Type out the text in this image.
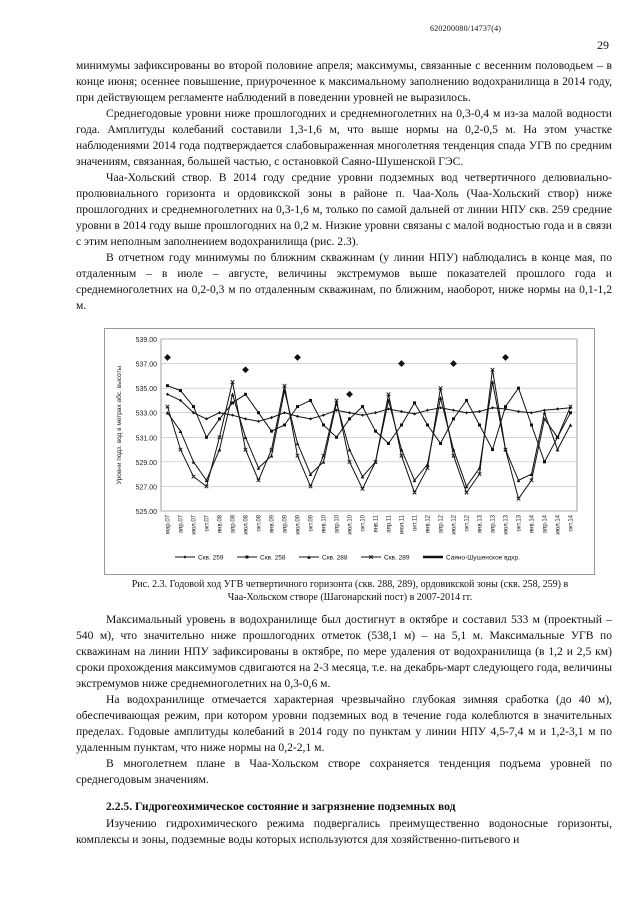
620200080/14737(4)
29

минимумы зафиксированы во второй половине апреля; максимумы, связанные с весенним половодьем – в конце июня; осеннее повышение, приуроченное к максимальному заполнению водохранилища в 2014 году, при действующем регламенте наблюдений в поведении уровней не выразилось.

Среднегодовые уровни ниже прошлогодних и среднемноголетних на 0,3-0,4 м из-за малой водности года. Амплитуды колебаний составили 1,3-1,6 м, что выше нормы на 0,2-0,5 м. На этом участке наблюдениями 2014 года подтверждается слабовыраженная многолетняя тенденция спада УГВ по средним значениям, связанная, большей частью, с остановкой Саяно-Шушенской ГЭС.

Чаа-Хольский створ. В 2014 году средние уровни подземных вод четвертичного делювиально-пролювиального горизонта и ордовикской зоны в районе п. Чаа-Холь (Чаа-Хольский створ) ниже прошлогодних и среднемноголетних на 0,3-1,6 м, только по самой дальней от линии НПУ скв. 259 средние уровни в 2014 году выше прошлогодних на 0,2 м. Низкие уровни связаны с малой водностью года и в связи с этим неполным заполнением водохранилища (рис. 2.3).

В отчетном году минимумы по ближним скважинам (у линии НПУ) наблюдались в конце мая, по отдаленным – в июле – августе, величины экстремумов выше показателей прошлого года и среднемноголетних на 0,2-0,3 м по отдаленным скважинам, по ближним, наоборот, ниже нормы на 0,1-1,2 м.

525.00
527.00
529.00
531.00
533.00
535.00
537.00
539.00
Уровни подз. вод в метрах абс. высоты
мар.07 апр.07 июл.07 окт.07 янв.08 апр.08 июл.08 окт.08 янв.09 апр.09 июл.09 окт.09 янв.10 апр.10 июл.10 окт.10 янв.11 апр.11 июл.11 окт.11 янв.12 апр.12 июл.12 окт.12 янв.13 апр.13 июл.13 окт.13 янв.14 апр.14 июл.14 окт.14
Скв. 259	Скв. 258	Скв. 288	Скв. 289	Саяно-Шушенское вдхр.
Рис. 2.3. Годовой ход УГВ четвертичного горизонта (скв. 288, 289), ордовикской зоны (скв. 258, 259) в Чаа-Хольском створе (Шагонарский пост) в 2007-2014 гг.

Максимальный уровень в водохранилище был достигнут в октябре и составил 533 м (проектный – 540 м), что значительно ниже прошлогодних отметок (538,1 м) – на 5,1 м. Максимальные УГВ по скважинам на линии НПУ зафиксированы в октябре, по мере удаления от водохранилища (в 1,2 и 2,5 км) сроки прохождения максимумов сдвигаются на 2-3 месяца, т.е. на декабрь-март следующего года, величины экстремумов ниже среднемноголетних на 0,3-0,6 м.

На водохранилище отмечается характерная чрезвычайно глубокая зимняя сработка (до 40 м), обеспечивающая режим, при котором уровни подземных вод в течение года колеблются в значительных пределах. Годовые амплитуды колебаний в 2014 году по пунктам у линии НПУ 4,5-7,4 м и 1,2-3,1 м по удаленным пунктам, что ниже нормы на 0,2-2,1 м.

В многолетнем плане в Чаа-Хольском створе сохраняется тенденция подъема уровней по среднегодовым значениям.

2.2.5. Гидрогеохимическое состояние и загрязнение подземных вод

Изучению гидрохимического режима подвергались преимущественно водоносные горизонты, комплексы и зоны, подземные воды которых используются для хозяйственно-питьевого и
